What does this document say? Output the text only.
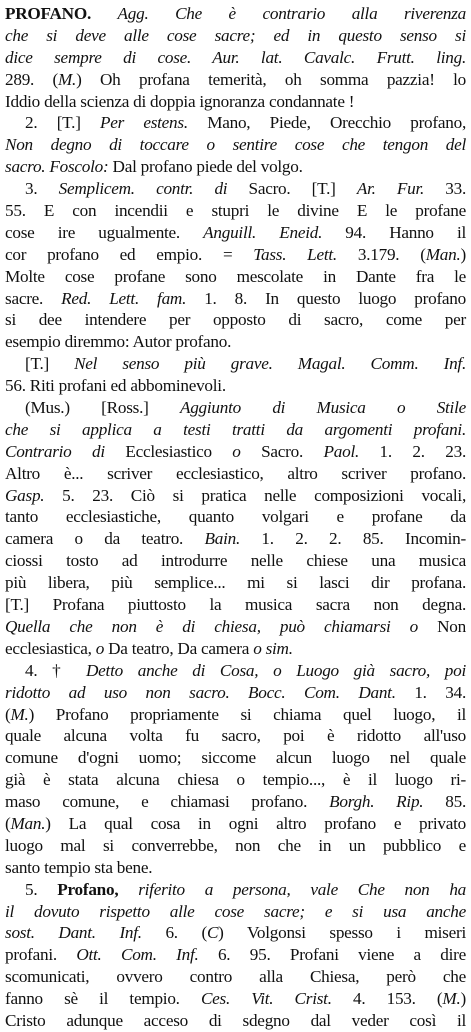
PROFANO. Agg. Che è contrario alla riverenza
che si deve alle cose sacre; ed in questo senso si
dice sempre di cose. Aur. lat. Cavalc. Frutt. ling.
289. (M.) Oh profana temerità, oh somma pazzia! lo
Iddio della scienza di doppia ignoranza condannate !
2. [T.] Per estens. Mano, Piede, Orecchio profano,
Non degno di toccare o sentire cose che tengon del
sacro. Foscolo: Dal profano piede del volgo.
3. Semplicem. contr. di Sacro. [T.] Ar. Fur. 33.
55. E con incendii e stupri le divine E le profane
cose ire ugualmente. Anguill. Eneid. 94. Hanno il
cor profano ed empio. = Tass. Lett. 3.179. (Man.)
Molte cose profane sono mescolate in Dante fra le
sacre. Red. Lett. fam. 1. 8. In questo luogo profano
si dee intendere per opposto di sacro, come per
esempio diremmo: Autor profano.
[T.] Nel senso più grave. Magal. Comm. Inf.
56. Riti profani ed abbominevoli.
(Mus.) [Ross.] Aggiunto di Musica o Stile
che si applica a testi tratti da argomenti profani.
Contrario di Ecclesiastico o Sacro. Paol. 1. 2. 23.
Altro è... scriver ecclesiastico, altro scriver profano.
Gasp. 5. 23. Ciò si pratica nelle composizioni vocali,
tanto ecclesiastiche, quanto volgari e profane da
camera o da teatro. Bain. 1. 2. 2. 85. Incomin-
ciossi tosto ad introdurre nelle chiese una musica
più libera, più semplice... mi si lasci dir profana.
[T.] Profana piuttosto la musica sacra non degna.
Quella che non è di chiesa, può chiamarsi o Non
ecclesiastica, o Da teatro, Da camera o sim.
4. † Detto anche di Cosa, o Luogo già sacro, poi
ridotto ad uso non sacro. Bocc. Com. Dant. 1. 34.
(M.) Profano propriamente si chiama quel luogo, il
quale alcuna volta fu sacro, poi è ridotto all'uso
comune d'ogni uomo; siccome alcun luogo nel quale
già è stata alcuna chiesa o tempio..., è il luogo ri-
maso comune, e chiamasi profano. Borgh. Rip. 85.
(Man.) La qual cosa in ogni altro profano e privato
luogo mal si converrebbe, non che in un pubblico e
santo tempio sta bene.
5. Profano, riferito a persona, vale Che non ha
il dovuto rispetto alle cose sacre; e si usa anche
sost. Dant. Inf. 6. (C) Volgonsi spesso i miseri
profani. Ott. Com. Inf. 6. 95. Profani viene a dire
scomunicati, ovvero contro alla Chiesa, però che
fanno sè il tempio. Ces. Vit. Crist. 4. 153. (M.)
Cristo adunque acceso di sdegno dal veder così il
